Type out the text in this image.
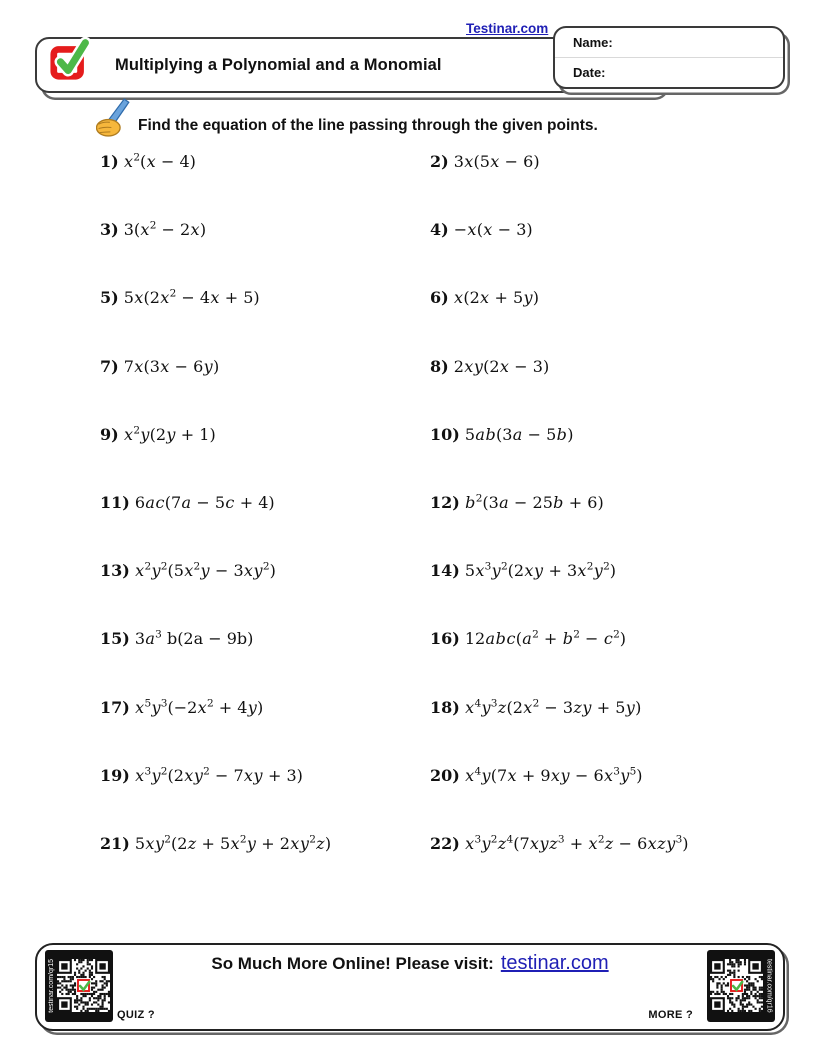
Testinar.com
Multiplying a Polynomial and a Monomial
Name:
Date:
Find the equation of the line passing through the given points.
1) $x^2(x - 4)$	2) 3x(5x − 6)
3) $3(x^2 - 2x)$	4) −x(x − 3)
5) $5x(2x^2 - 4x + 5)$	6) x(2x + 5y)
7) 7x(3x − 6y)	8) 2xy(2x − 3)
9) $x^2y(2y + 1)$	10) 5ab(3a − 5b)
11) 6ac(7a − 5c + 4)	12) $b^2(3a - 25b + 6)$
13) $x^2y^2(5x^2y - 3xy^2)$	14) $5x^3y^2(2xy + 3x^2y^2)$
15) $3a^3$ b(2a − 9b)	16) $12abc(a^2 + b^2 - c^2)$
17) $x^5y^3(-2x^2 + 4y)$	18) $x^4y^3z(2x^2 - 3zy + 5y)$
19) $x^3y^2(2xy^2 - 7xy + 3)$	20) $x^4y(7x + 9xy - 6x^3y^5)$
21) $5xy^2(2z + 5x^2y + 2xy^2z)$	22) $x^3y^2z^4(7xyz^3 + x^2z - 6xzy^3)$
testinar.com/qr15	So Much More Online! Please visit: testinar.com
QUIZ ?	MORE ?
testinar.com/qr16
